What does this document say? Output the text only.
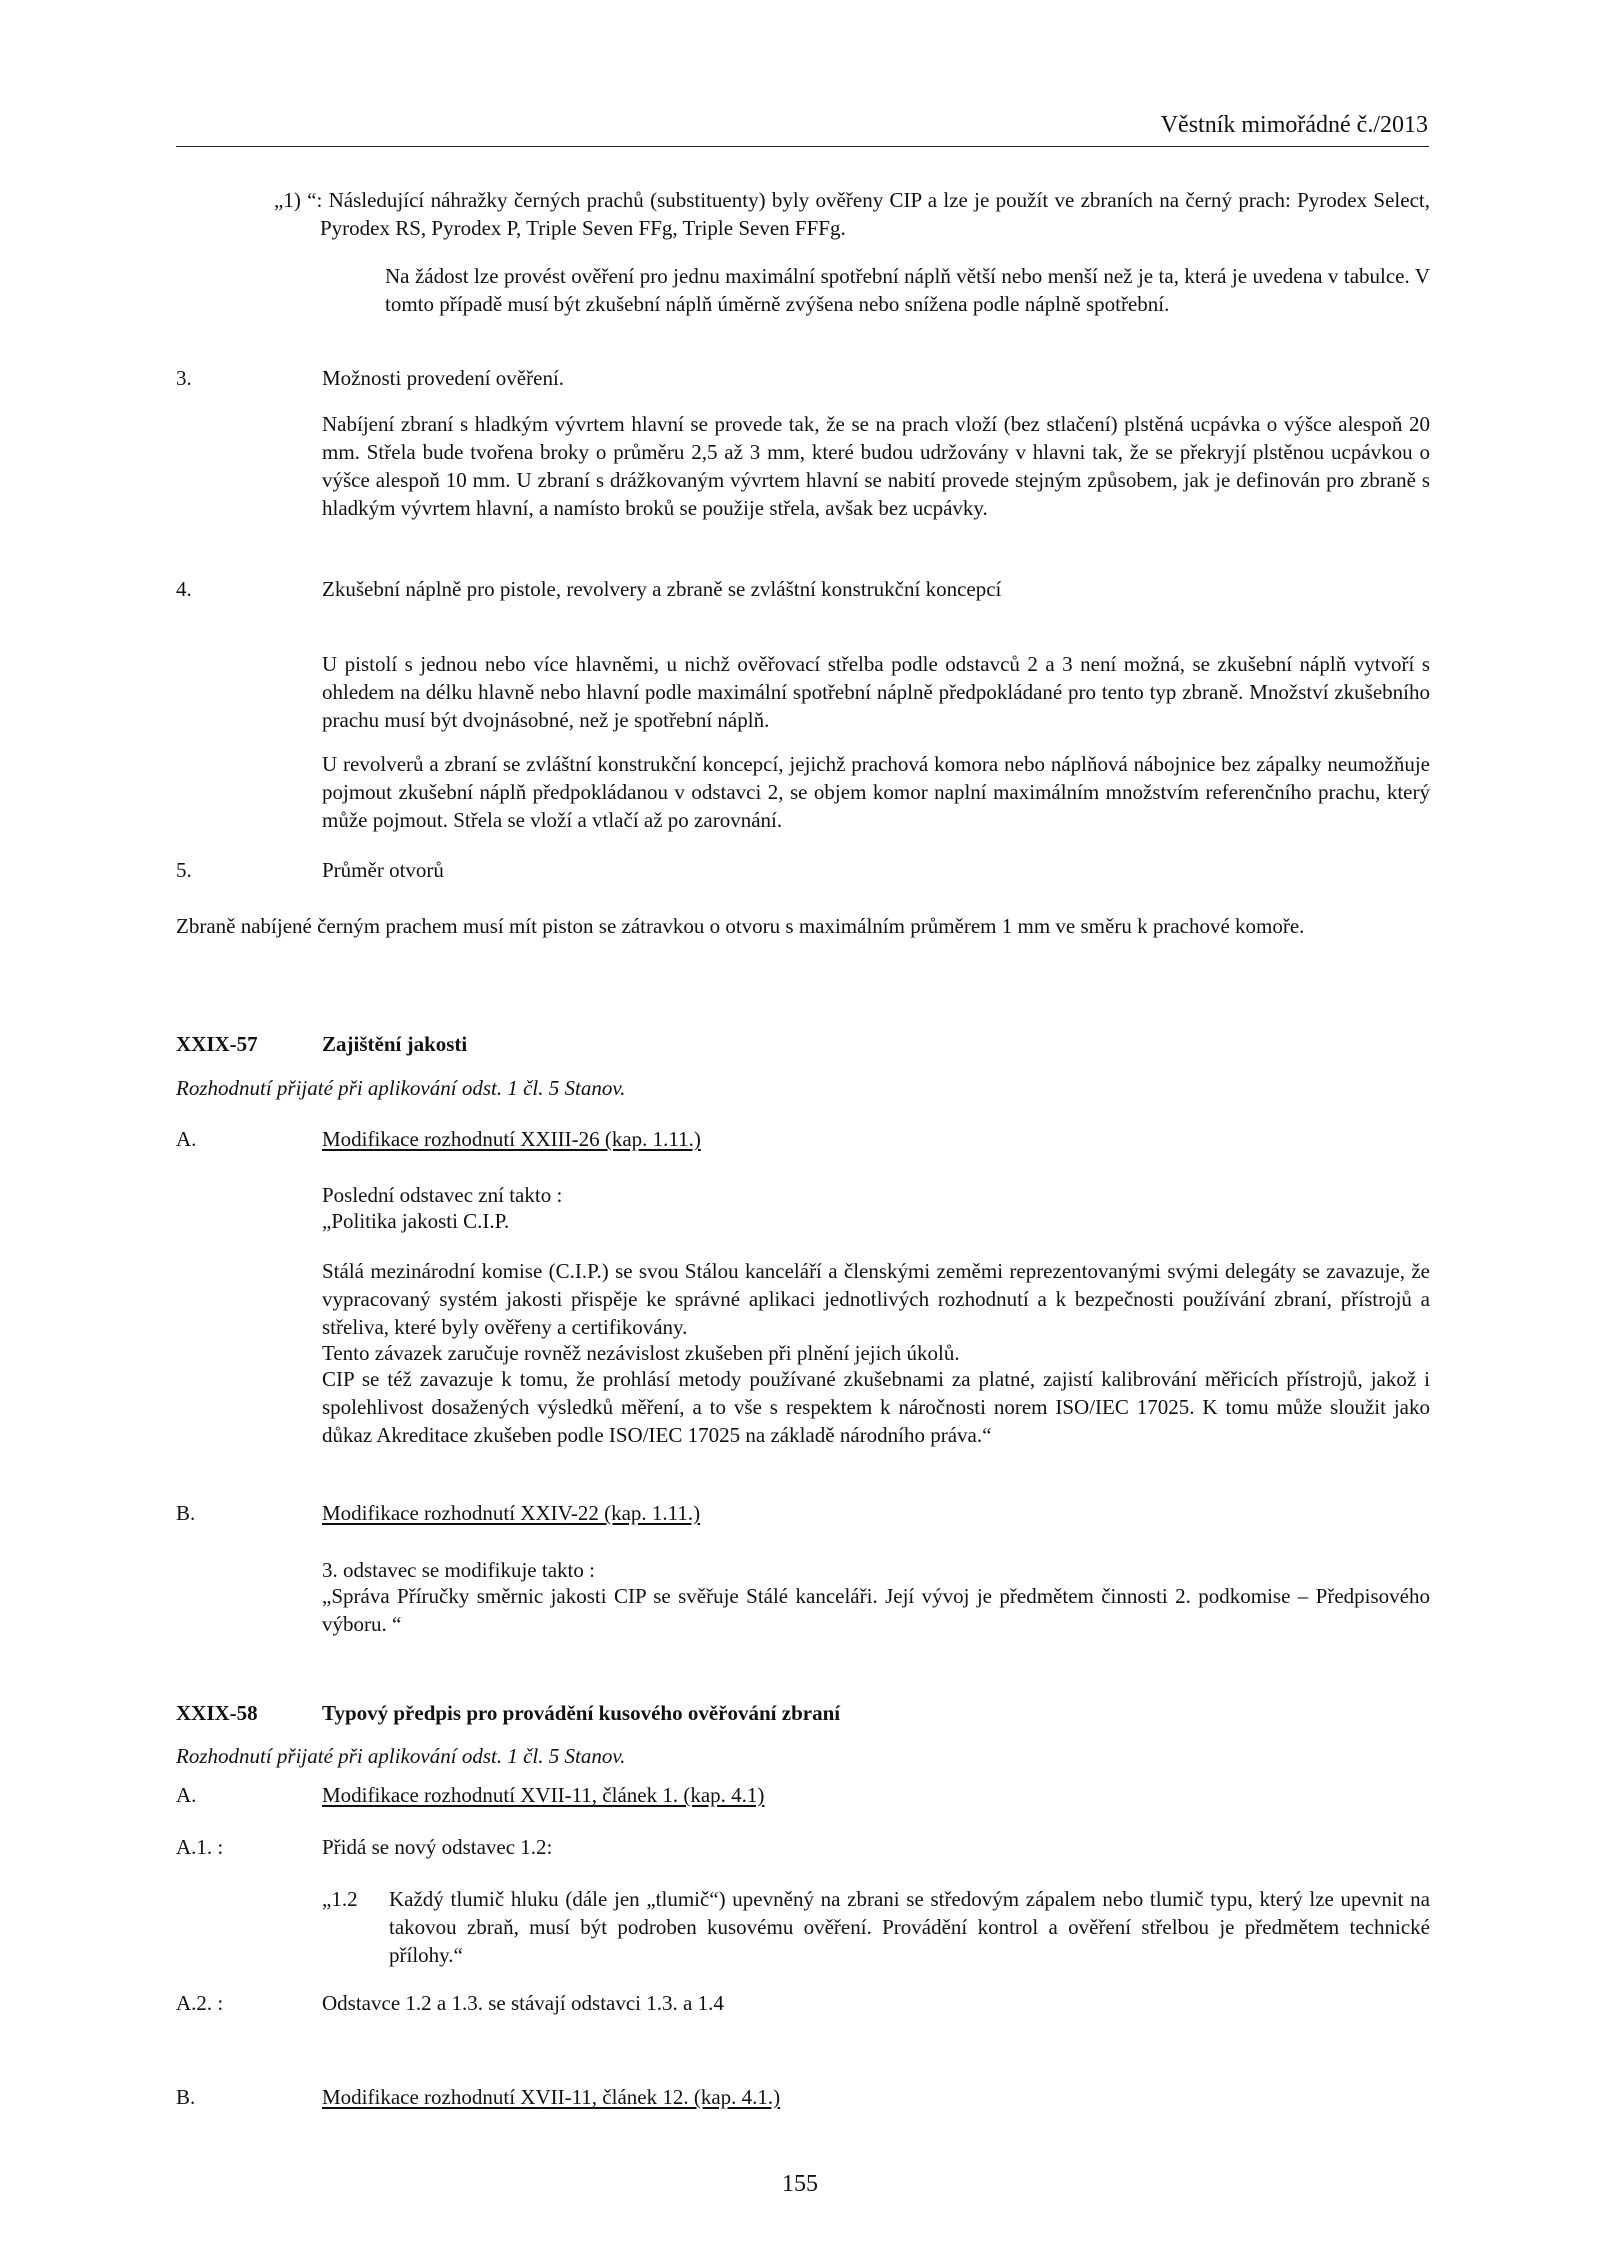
Věstník mimořádné č./2013
„1) “: Následující náhražky černých prachů (substituenty) byly ověřeny CIP a lze je použít ve zbraních na černý prach: Pyrodex Select, Pyrodex RS, Pyrodex P, Triple Seven FFg, Triple Seven FFFg.
Na žádost lze provést ověření pro jednu maximální spotřební náplň větší nebo menší než je ta, která je uvedena v tabulce. V tomto případě musí být zkušební náplň úměrně zvýšena nebo snížena podle náplně spotřební.
3.	Možnosti provedení ověření.
Nabíjení zbraní s hladkým vývrtem hlavní se provede tak, že se na prach vloží (bez stlačení) plstěná ucpávka o výšce alespoň 20 mm. Střela bude tvořena broky o průměru 2,5 až 3 mm, které budou udržovány v hlavni tak, že se překryjí plstěnou ucpávkou o výšce alespoň 10 mm. U zbraní s drážkovaným vývrtem hlavní se nabití provede stejným způsobem, jak je definován pro zbraně s hladkým vývrtem hlavní, a namísto broků se použije střela, avšak bez ucpávky.
4.	Zkušební náplně pro pistole, revolvery a zbraně se zvláštní konstrukční koncepcí
U pistolí s jednou nebo více hlavněmi, u nichž ověřovací střelba podle odstavců 2 a 3 není možná, se zkušební náplň vytvoří s ohledem na délku hlavně nebo hlavní podle maximální spotřební náplně předpokládané pro tento typ zbraně. Množství zkušebního prachu musí být dvojnásobné, než je spotřební náplň.
U revolverů a zbraní se zvláštní konstrukční koncepcí, jejichž prachová komora nebo náplňová nábojnice bez zápalky neumožňuje pojmout zkušební náplň předpokládanou v odstavci 2, se objem komor naplní maximálním množstvím referenčního prachu, který může pojmout. Střela se vloží a vtlačí až po zarovnání.
5.	Průměr otvorů
Zbraně nabíjené černým prachem musí mít piston se zátravkou o otvoru s maximálním průměrem 1 mm ve směru k prachové komoře.
XXIX-57	Zajištění jakosti
Rozhodnutí přijaté při aplikování odst. 1 čl. 5 Stanov.
A.	Modifikace rozhodnutí XXIII-26 (kap. 1.11.)
Poslední odstavec zní takto :
„Politika jakosti C.I.P.
Stálá mezinárodní komise (C.I.P.) se svou Stálou kanceláří a členskými zeměmi reprezentovanými svými delegáty se zavazuje, že vypracovaný systém jakosti přispěje ke správné aplikaci jednotlivých rozhodnutí a k bezpečnosti používání zbraní, přístrojů a střeliva, které byly ověřeny a certifikovány.
Tento závazek zaručuje rovněž nezávislost zkušeben při plnění jejich úkolů.
CIP se též zavazuje k tomu, že prohlásí metody používané zkušebnami za platné, zajistí kalibrování měřicích přístrojů, jakož i spolehlivost dosažených výsledků měření, a to vše s respektem k náročnosti norem ISO/IEC 17025. K tomu může sloužit jako důkaz Akreditace zkušeben podle ISO/IEC 17025 na základě národního práva.“
B.	Modifikace rozhodnutí XXIV-22 (kap. 1.11.)
3. odstavec se modifikuje takto :
„Správa Příručky směrnic jakosti CIP se svěřuje Stálé kanceláři. Její vývoj je předmětem činnosti 2. podkomise – Předpisového výboru. “
XXIX-58	Typový předpis pro provádění kusového ověřování zbraní
Rozhodnutí přijaté při aplikování odst. 1 čl. 5 Stanov.
A.	Modifikace rozhodnutí XVII-11, článek 1. (kap. 4.1)
A.1. :	Přidá se nový odstavec 1.2:
„1.2 Každý tlumič hluku (dále jen „tlumič“) upevněný na zbrani se středovým zápalem nebo tlumič typu, který lze upevnit na takovou zbraň, musí být podroben kusovému ověření. Provádění kontrol a ověření střelbou je předmětem technické přílohy.“
A.2. :	Odstavce 1.2 a 1.3. se stávají odstavci 1.3. a 1.4
B.	Modifikace rozhodnutí XVII-11, článek 12. (kap. 4.1.)
155
